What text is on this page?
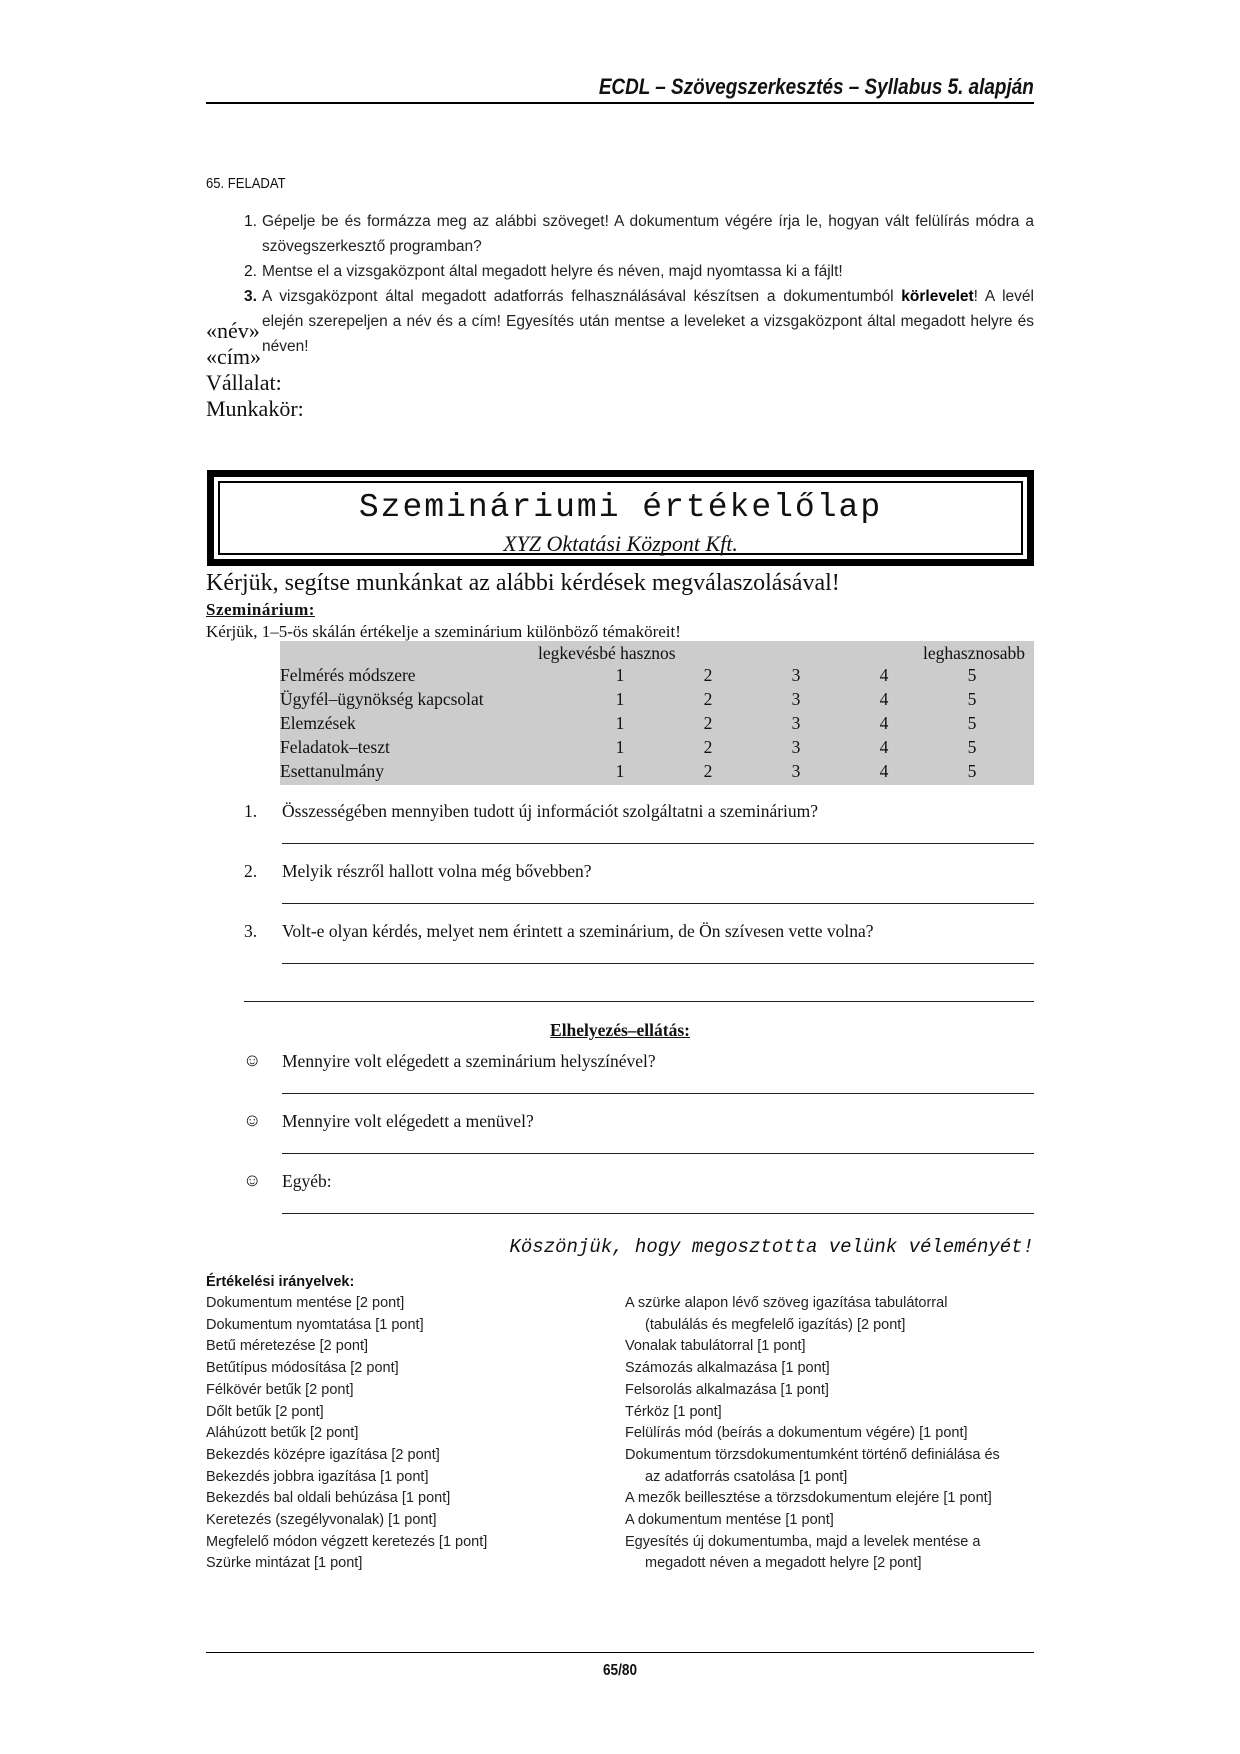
ECDL – Szövegszerkesztés – Syllabus 5. alapján
65. FELADAT
1. Gépelje be és formázza meg az alábbi szöveget! A dokumentum végére írja le, hogyan vált felülírás módra a szövegszerkesztő programban?
2. Mentse el a vizsgaközpont által megadott helyre és néven, majd nyomtassa ki a fájlt!
3. A vizsgaközpont által megadott adatforrás felhasználásával készítsen a dokumentumból körlevelet! A levél elején szerepeljen a név és a cím! Egyesítés után mentse a leveleket a vizsgaközpont által megadott helyre és néven!
«név»
«cím»
Vállalat:
Munkakör:
Szemináriumi értékelőlap
XYZ Oktatási Központ Kft.
Kérjük, segítse munkánkat az alábbi kérdések megválaszolásával!
Szeminárium:
Kérjük, 1–5-ös skálán értékelje a szeminárium különböző témaköreit!
legkevésbé hasznos	leghasznosabb
Felmérés módszere	1	2	3	4	5
Ügyfél–ügynökség kapcsolat	1	2	3	4	5
Elemzések	1	2	3	4	5
Feladatok–teszt	1	2	3	4	5
Esettanulmány	1	2	3	4	5
1. Összességében mennyiben tudott új információt szolgáltatni a szeminárium?
2. Melyik részről hallott volna még bővebben?
3. Volt-e olyan kérdés, melyet nem érintett a szeminárium, de Ön szívesen vette volna?
Elhelyezés–ellátás:
☺ Mennyire volt elégedett a szeminárium helyszínével?
☺ Mennyire volt elégedett a menüvel?
☺ Egyéb:
Köszönjük, hogy megosztotta velünk véleményét!
Értékelési irányelvek:
Dokumentum mentése [2 pont]
Dokumentum nyomtatása [1 pont]
Betű méretezése [2 pont]
Betűtípus módosítása [2 pont]
Félkövér betűk [2 pont]
Dőlt betűk [2 pont]
Aláhúzott betűk [2 pont]
Bekezdés középre igazítása [2 pont]
Bekezdés jobbra igazítása [1 pont]
Bekezdés bal oldali behúzása [1 pont]
Keretezés (szegélyvonalak) [1 pont]
Megfelelő módon végzett keretezés [1 pont]
Szürke mintázat [1 pont]
A szürke alapon lévő szöveg igazítása tabulátorral
(tabulálás és megfelelő igazítás) [2 pont]
Vonalak tabulátorral [1 pont]
Számozás alkalmazása [1 pont]
Felsorolás alkalmazása [1 pont]
Térköz [1 pont]
Felülírás mód (beírás a dokumentum végére) [1 pont]
Dokumentum törzsdokumentumként történő definiálása és
az adatforrás csatolása [1 pont]
A mezők beillesztése a törzsdokumentum elejére [1 pont]
A dokumentum mentése [1 pont]
Egyesítés új dokumentumba, majd a levelek mentése a
megadott néven a megadott helyre [2 pont]
65/80
